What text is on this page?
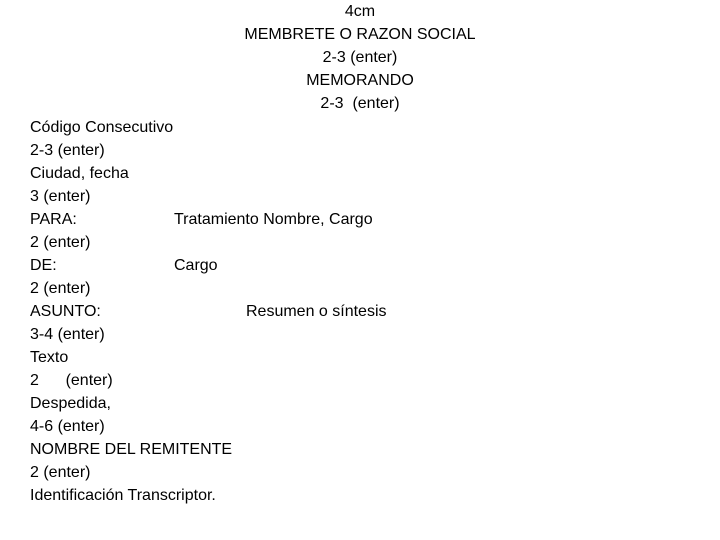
4cm
MEMBRETE O RAZON SOCIAL
2-3 (enter)
MEMORANDO
2-3  (enter)
Código Consecutivo
2-3 (enter)
Ciudad, fecha
3 (enter)
PARA:	Tratamiento Nombre, Cargo
2 (enter)
DE:	Cargo
2 (enter)
ASUNTO:	Resumen o síntesis
3-4 (enter)
Texto
2      (enter)
Despedida,
4-6 (enter)
NOMBRE DEL REMITENTE
2 (enter)
Identificación Transcriptor.
